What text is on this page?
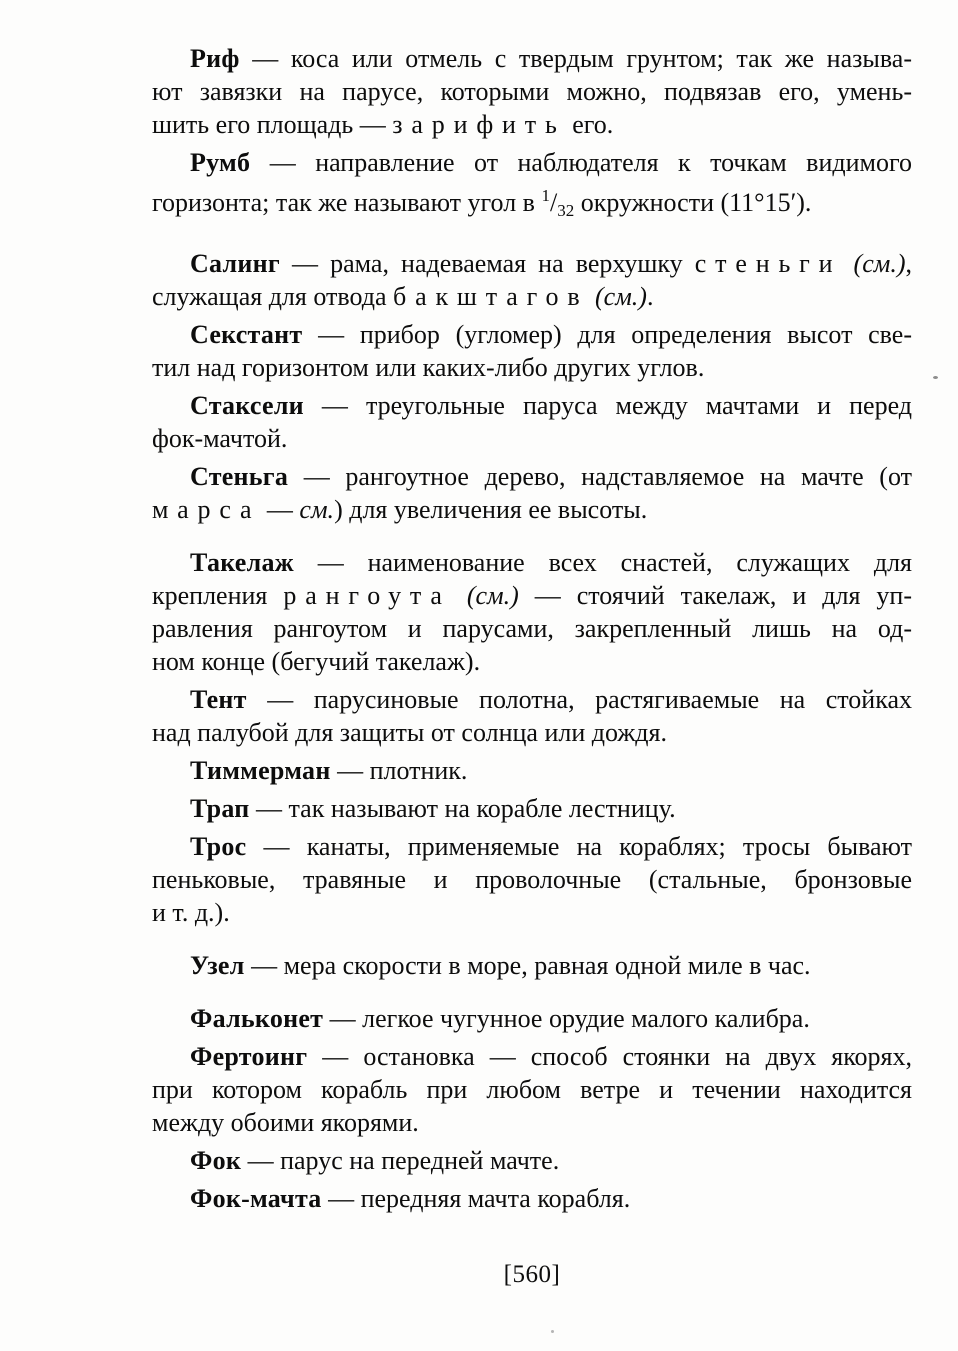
Риф — коса или отмель с твердым грунтом; так же называ-
ют завязки на парусе, которыми можно, подвязав его, умень-
шить его площадь — зарифить его.
Румб — направление от наблюдателя к точкам видимого
горизонта; так же называют угол в $^1/_{32}$ окружности (11°15′).
Салинг — рама, надеваемая на верхушку стеньги (см.),
служащая для отвода бакштагов (см.).
Секстант — прибор (угломер) для определения высот све-
тил над горизонтом или каких-либо других углов.
Стаксели — треугольные паруса между мачтами и перед
фок-мачтой.
Стеньга — рангоутное дерево, надставляемое на мачте (от
марса — см.) для увеличения ее высоты.
Такелаж — наименование всех снастей, служащих для
крепления рангоута (см.) — стоячий такелаж, и для уп-
равления рангоутом и парусами, закрепленный лишь на од-
ном конце (бегучий такелаж).
Тент — парусиновые полотна, растягиваемые на стойках
над палубой для защиты от солнца или дождя.
Тиммерман — плотник.
Трап — так называют на корабле лестницу.
Трос — канаты, применяемые на кораблях; тросы бывают
пеньковые, травяные и проволочные (стальные, бронзовые
и т. д.).
Узел — мера скорости в море, равная одной миле в час.
Фальконет — легкое чугунное орудие малого калибра.
Фертоинг — остановка — способ стоянки на двух якорях,
при котором корабль при любом ветре и течении находится
между обоими якорями.
Фок — парус на передней мачте.
Фок-мачта — передняя мачта корабля.
[560]
